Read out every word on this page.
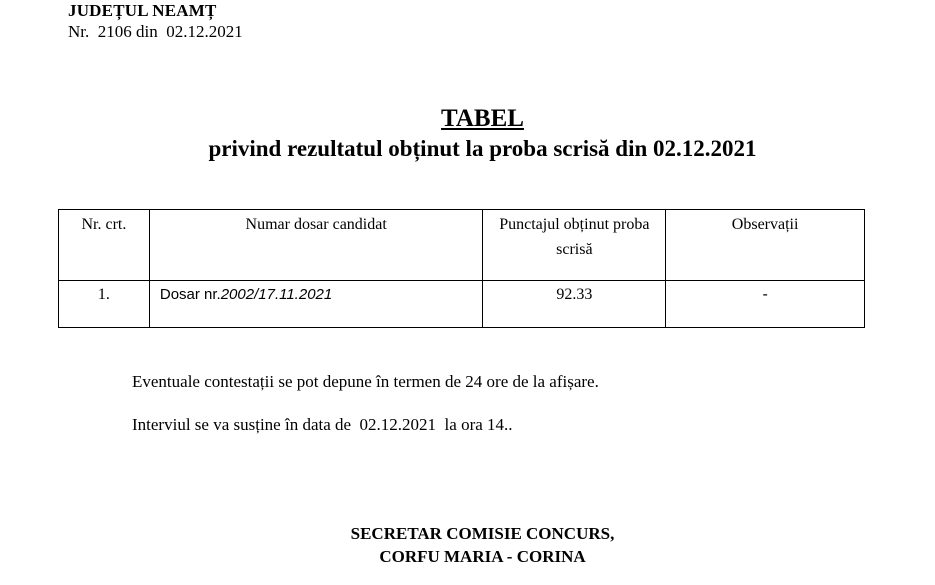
JUDEȚUL NEAMȚ
Nr.  2106 din  02.12.2021
TABEL
privind rezultatul obținut la proba scrisă din 02.12.2021
Nr. crt.	Numar dosar candidat	Punctajul obținut proba scrisă	Observații
1.	Dosar nr.2002/17.11.2021	92.33	-
Eventuale contestații se pot depune în termen de 24 ore de la afișare.
Interviul se va susține în data de  02.12.2021  la ora 14..
SECRETAR COMISIE CONCURS,
CORFU MARIA - CORINA
